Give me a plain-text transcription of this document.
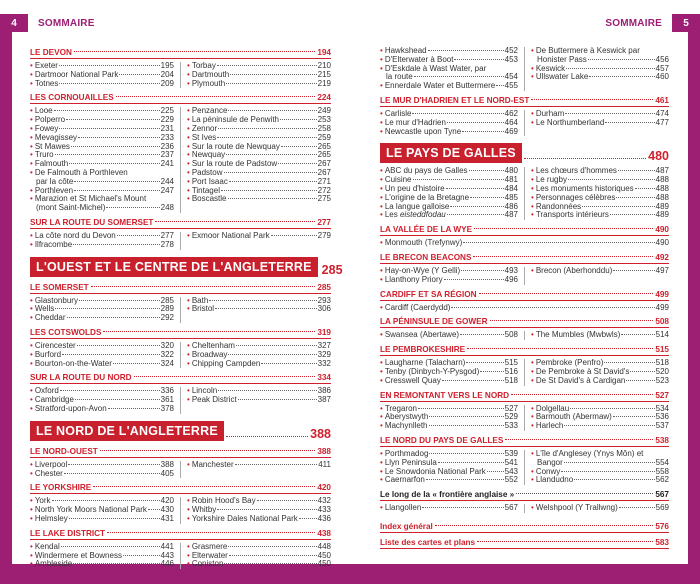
4	SOMMAIRE
LE DEVON	194
• Exeter	195
• Dartmoor National Park	204
• Totnes	209
• Torbay	210
• Dartmouth	215
• Plymouth	219
LES CORNOUAILLES	224
• Looe	225
• Polperro	229
• Fowey	231
• Mevagissey	233
• St Mawes	236
• Truro	237
• Falmouth	241
• De Falmouth à Porthleven
par la côte	244
• Porthleven	247
• Marazion et St Michael's Mount
(mont Saint-Michel)	248
• Penzance	249
• La péninsule de Penwith	253
• Zennor	258
• St Ives	259
• Sur la route de Newquay	265
• Newquay	265
• Sur la route de Padstow	267
• Padstow	267
• Port Isaac	271
• Tintagel	272
• Boscastle	275
SUR LA ROUTE DU SOMERSET	277
• La côte nord du Devon	277
• Ilfracombe	278
• Exmoor National Park	279
L'OUEST ET LE CENTRE DE L'ANGLETERRE 285
LE SOMERSET	285
• Glastonbury	285
• Wells	289
• Cheddar	292
• Bath	293
• Bristol	306
LES COTSWOLDS	319
• Cirencester	320
• Burford	322
• Bourton-on-the-Water	324
• Cheltenham	327
• Broadway	329
• Chipping Campden	332
SUR LA ROUTE DU NORD	334
• Oxford	336
• Cambridge	361
• Stratford-upon-Avon	378
• Lincoln	386
• Peak District	387
LE NORD DE L'ANGLETERRE	388
LE NORD-OUEST	388
• Liverpool	388
• Chester	405
• Manchester	411
LE YORKSHIRE	420
• York	420
• North York Moors National Park 430
• Helmsley	431
• Robin Hood's Bay	432
• Whitby	433
• Yorkshire Dales National Park 436
LE LAKE DISTRICT	438
• Kendal	441
• Windermere et Bowness	443
• Ambleside	446
• Grasmere	448
• Elterwater	450
• Coniston	450
SOMMAIRE	5
• Hawkshead	452
• D'Elterwater à Boot	453
• D'Eskdale à Wast Water, par
la route	454
• Ennerdale Water et Buttermere 455
• De Buttermere à Keswick par
Honister Pass	456
• Keswick	457
• Ullswater Lake	460
LE MUR D'HADRIEN ET LE NORD-EST	461
• Carlisle	462
• Le mur d'Hadrien	464
• Newcastle upon Tyne	469
• Durham	474
• Le Northumberland	477
LE PAYS DE GALLES	480
• ABC du pays de Galles	480
• Cuisine	481
• Un peu d'histoire	484
• L'origine de la Bretagne	485
• La langue galloise	486
• Les eisteddfodau	487
• Les chœurs d'hommes	487
• Le rugby	488
• Les monuments historiques	488
• Personnages célèbres	488
• Randonnées	489
• Transports intérieurs	489
LA VALLÉE DE LA WYE	490
• Monmouth (Trefynwy)	490
LE BRECON BEACONS	492
• Hay-on-Wye (Y Gelli)	493
• Llanthony Priory	496
• Brecon (Aberhonddu)	497
CARDIFF ET SA RÉGION	499
• Cardiff (Caerdydd)	499
LA PÉNINSULE DE GOWER	508
• Swansea (Abertawe)	508 • The Mumbles (Mwbwls)	514
LE PEMBROKESHIRE	515
• Laugharne (Talacharn)	515
• Tenby (Dinbych-Y-Pysgod)	516
• Cresswell Quay	518
• Pembroke (Penfro)	518
• De Pembroke à St David's	520
• De St David's à Cardigan	523
EN REMONTANT VERS LE NORD	527
• Tregaron	527
• Aberystwyth	529
• Machynlleth	533
• Dolgellau	534
• Barmouth (Abermaw)	536
• Harlech	537
LE NORD DU PAYS DE GALLES	538
• Porthmadog	539
• Llyn Peninsula	541
• Le Snowdonia National Park 543
• Caernarfon	552
• L'île d'Anglesey (Ynys Môn) et
Bangor	554
• Conwy	558
• Llandudno	562
Le long de la « frontière anglaise »	567
• Llangollen	567 • Welshpool (Y Trallwng)	569
Index général	576
Liste des cartes et plans	583
